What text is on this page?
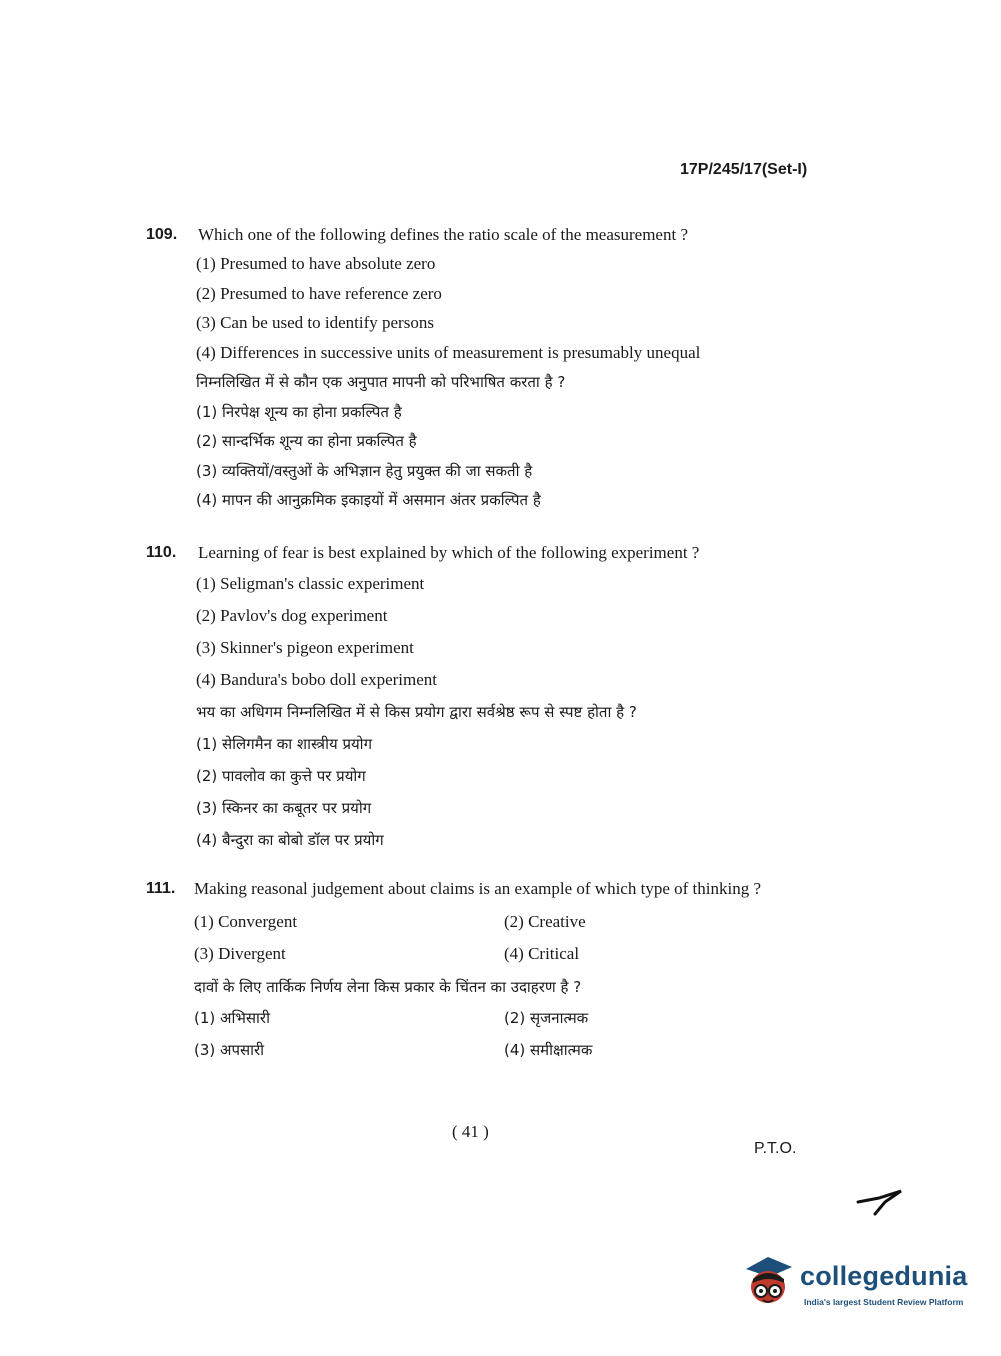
17P/245/17(Set-I)
109.	Which one of the following defines the ratio scale of the measurement ?
(1) Presumed to have absolute zero
(2) Presumed to have reference zero
(3) Can be used to identify persons
(4) Differences in successive units of measurement is presumably unequal
निम्नलिखित में से कौन एक अनुपात मापनी को परिभाषित करता है ?
(1) निरपेक्ष शून्य का होना प्रकल्पित है
(2) सान्दर्भिक शून्य का होना प्रकल्पित है
(3) व्यक्तियों/वस्तुओं के अभिज्ञान हेतु प्रयुक्त की जा सकती है
(4) मापन की आनुक्रमिक इकाइयों में असमान अंतर प्रकल्पित है
110.	Learning of fear is best explained by which of the following experiment ?
(1) Seligman's classic experiment
(2) Pavlov's dog experiment
(3) Skinner's pigeon experiment
(4) Bandura's bobo doll experiment
भय का अधिगम निम्नलिखित में से किस प्रयोग द्वारा सर्वश्रेष्ठ रूप से स्पष्ट होता है ?
(1) सेलिगमैन का शास्त्रीय प्रयोग
(2) पावलोव का कुत्ते पर प्रयोग
(3) स्किनर का कबूतर पर प्रयोग
(4) बैन्दुरा का बोबो डॉल पर प्रयोग
111.	Making reasonal judgement about claims is an example of which type of thinking ?
(1) Convergent	(2) Creative
(3) Divergent	(4) Critical
दावों के लिए तार्किक निर्णय लेना किस प्रकार के चिंतन का उदाहरण है ?
(1) अभिसारी	(2) सृजनात्मक
(3) अपसारी	(4) समीक्षात्मक
( 41 )
P.T.O.
collegedunia
India's largest Student Review Platform
